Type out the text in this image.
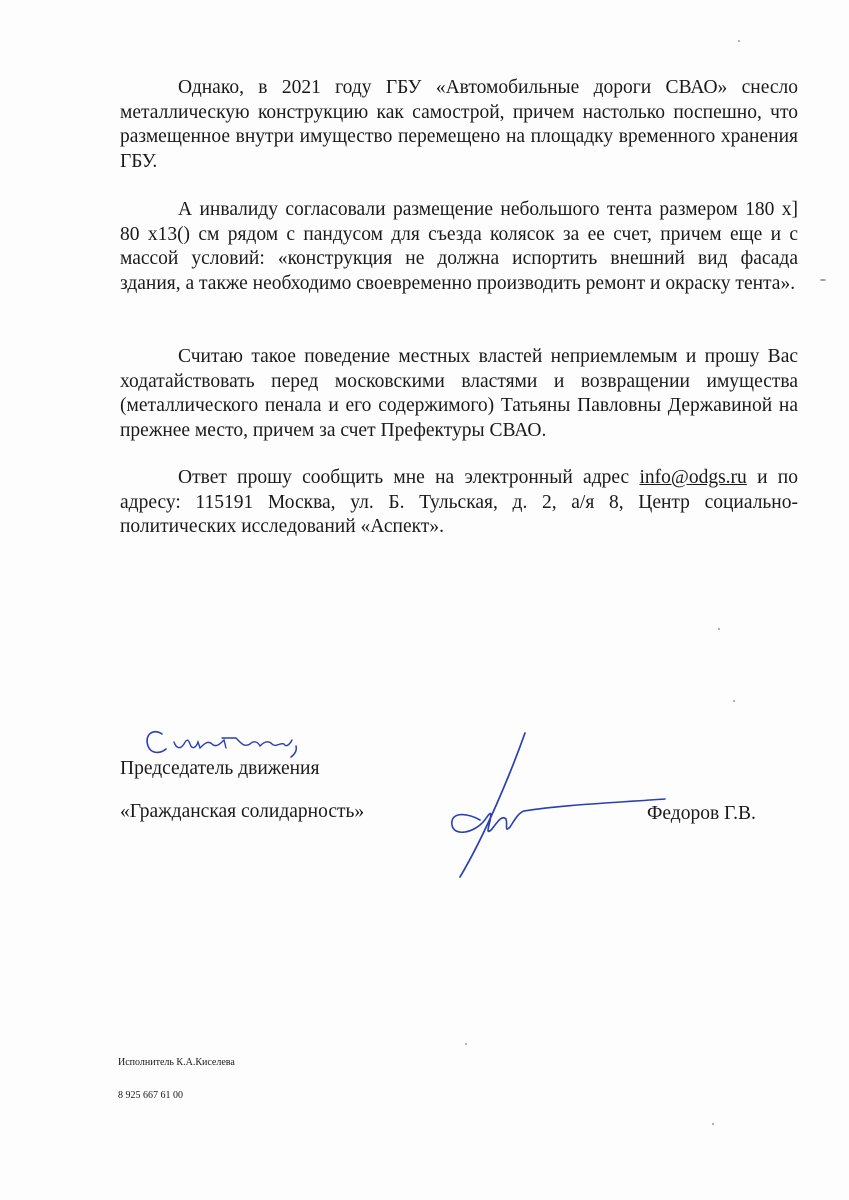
Однако, в 2021 году ГБУ «Автомобильные дороги СВАО» снесло металлическую конструкцию как самострой, причем настолько поспешно, что размещенное внутри имущество перемещено на площадку временного хранения ГБУ.

А инвалиду согласовали размещение небольшого тента размером 180 х] 80 х13() см рядом с пандусом для съезда колясок за ее счет, причем еще и с массой условий: «конструкция не должна испортить внешний вид фасада здания, а также необходимо своевременно производить ремонт и окраску тента».

Считаю такое поведение местных властей неприемлемым и прошу Вас ходатайствовать перед московскими властями и возвращении имущества (металлического пенала и его содержимого) Татьяны Павловны Державиной на прежнее место, причем за счет Префектуры СВАО.

Ответ прошу сообщить мне на электронный адрес info@odgs.ru и по адресу: 115191 Москва, ул. Б. Тульская, д. 2, а/я 8, Центр социально-политических исследований «Аспект».

Председатель движения
«Гражданская солидарность»	Федоров Г.В.
Исполнитель К.А.Киселева
8 925 667 61 00
